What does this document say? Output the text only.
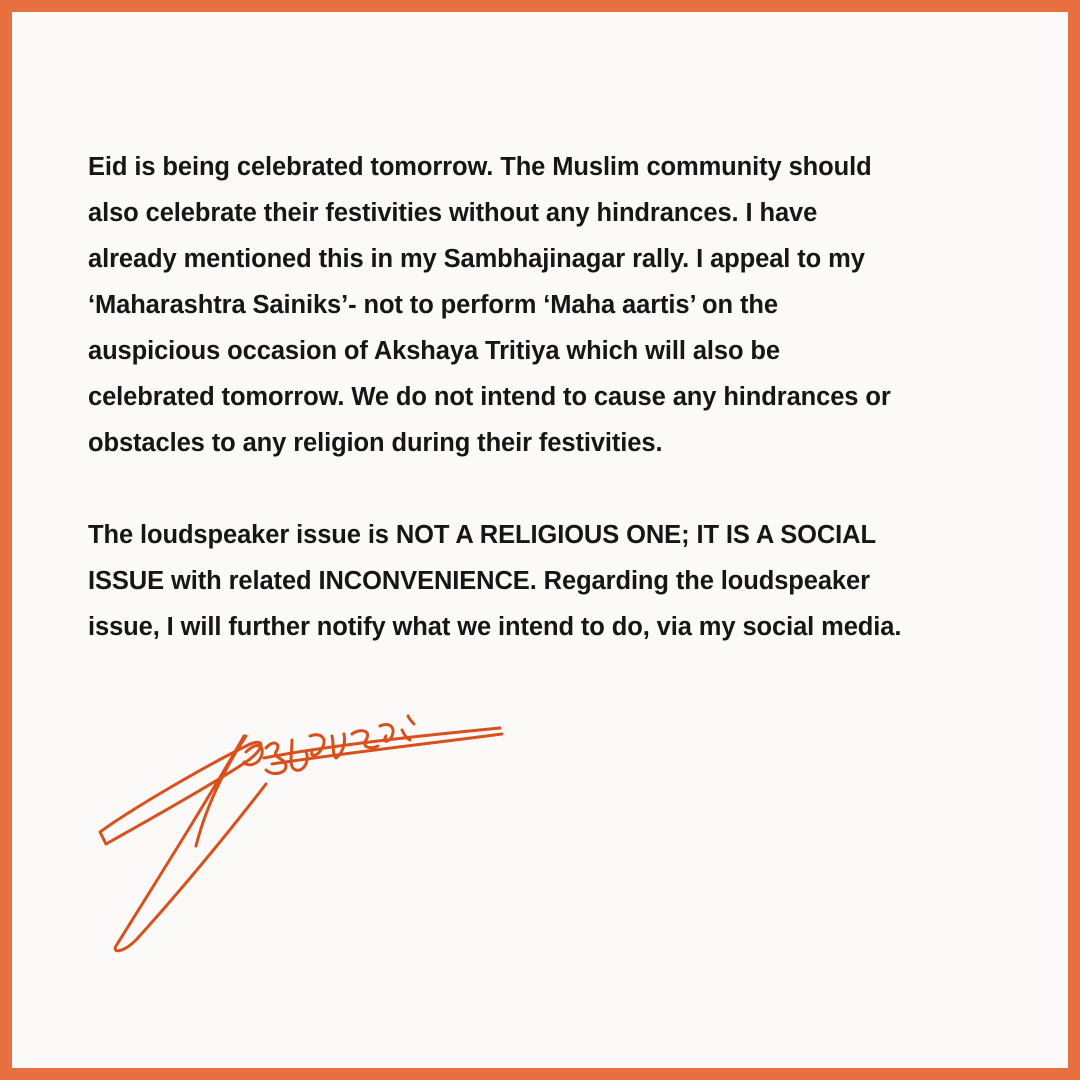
Eid is being celebrated tomorrow. The Muslim community should
also celebrate their festivities without any hindrances. I have
already mentioned this in my Sambhajinagar rally. I appeal to my
‘Maharashtra Sainiks’- not to perform ‘Maha aartis’ on the
auspicious occasion of Akshaya Tritiya which will also be
celebrated tomorrow. We do not intend to cause any hindrances or
obstacles to any religion during their festivities.
The loudspeaker issue is NOT A RELIGIOUS ONE; IT IS A SOCIAL
ISSUE with related INCONVENIENCE. Regarding the loudspeaker
issue, I will further notify what we intend to do, via my social media.
